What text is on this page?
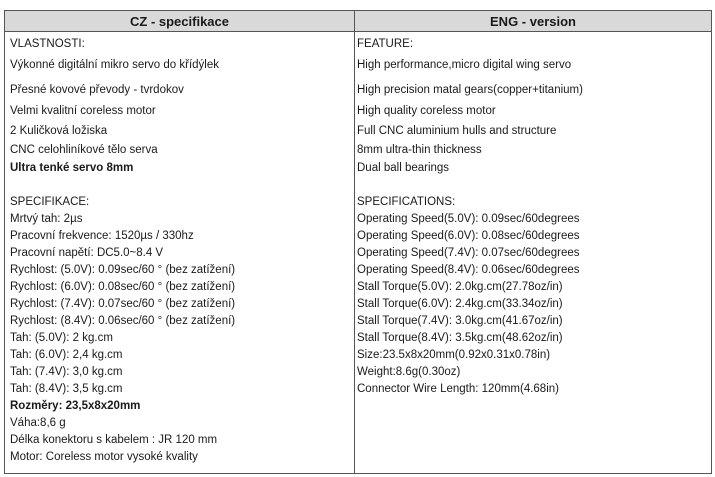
CZ - specifikace	ENG - version
VLASTNOSTI:
Výkonné digitální mikro servo do křídýlek
Přesné kovové převody - tvrdokov
Velmi kvalitní coreless motor
2 Kuličková ložiska
CNC celohliníkové tělo serva
Ultra tenké servo 8mm
SPECIFIKACE:
Mrtvý tah: 2µs
Pracovní frekvence: 1520µs / 330hz
Pracovní napětí: DC5.0~8.4 V
Rychlost: (5.0V): 0.09sec/60 ° (bez zatížení)
Rychlost: (6.0V): 0.08sec/60 ° (bez zatížení)
Rychlost: (7.4V): 0.07sec/60 ° (bez zatížení)
Rychlost: (8.4V): 0.06sec/60 ° (bez zatížení)
Tah: (5.0V): 2 kg.cm
Tah: (6.0V): 2,4 kg.cm
Tah: (7.4V): 3,0 kg.cm
Tah: (8.4V): 3,5 kg.cm
Rozměry: 23,5x8x20mm
Váha:8,6 g
Délka konektoru s kabelem : JR 120 mm
Motor: Coreless motor vysoké kvality
FEATURE:
High performance,micro digital wing servo
High precision matal gears(copper+titanium)
High quality coreless motor
Full CNC aluminium hulls and structure
8mm ultra-thin thickness
Dual ball bearings
SPECIFICATIONS:
Operating Speed(5.0V): 0.09sec/60degrees
Operating Speed(6.0V): 0.08sec/60degrees
Operating Speed(7.4V): 0.07sec/60degrees
Operating Speed(8.4V): 0.06sec/60degrees
Stall Torque(5.0V): 2.0kg.cm(27.78oz/in)
Stall Torque(6.0V): 2.4kg.cm(33.34oz/in)
Stall Torque(7.4V): 3.0kg.cm(41.67oz/in)
Stall Torque(8.4V): 3.5kg.cm(48.62oz/in)
Size:23.5x8x20mm(0.92x0.31x0.78in)
Weight:8.6g(0.30oz)
Connector Wire Length: 120mm(4.68in)
